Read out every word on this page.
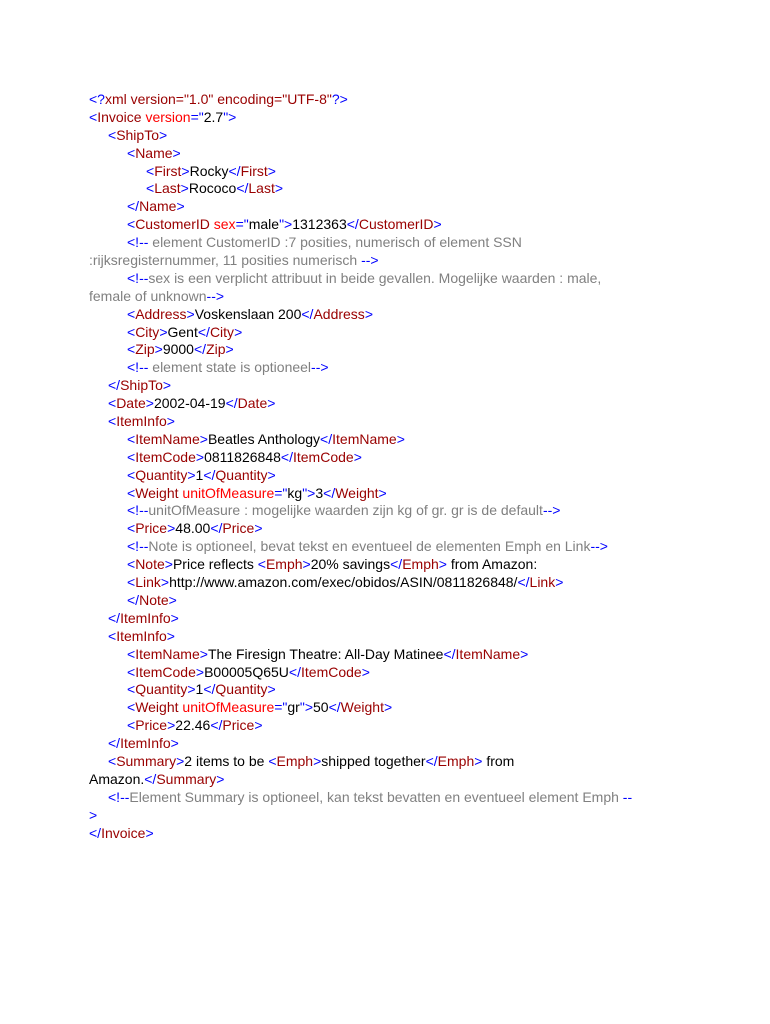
<?xml version="1.0" encoding="UTF-8"?>
<Invoice version="2.7">
<ShipTo>
<Name>
<First>Rocky</First>
<Last>Rococo</Last>
</Name>
<CustomerID sex="male">1312363</CustomerID>
<!-- element CustomerID :7 posities, numerisch of element SSN
:rijksregisternummer, 11 posities numerisch -->
<!--sex is een verplicht attribuut in beide gevallen. Mogelijke waarden : male,
female of unknown-->
<Address>Voskenslaan 200</Address>
<City>Gent</City>
<Zip>9000</Zip>
<!-- element state is optioneel-->
</ShipTo>
<Date>2002-04-19</Date>
<ItemInfo>
<ItemName>Beatles Anthology</ItemName>
<ItemCode>0811826848</ItemCode>
<Quantity>1</Quantity>
<Weight unitOfMeasure="kg">3</Weight>
<!--unitOfMeasure : mogelijke waarden zijn kg of gr. gr is de default-->
<Price>48.00</Price>
<!--Note is optioneel, bevat tekst en eventueel de elementen Emph en Link-->
<Note>Price reflects <Emph>20% savings</Emph> from Amazon:
<Link>http://www.amazon.com/exec/obidos/ASIN/0811826848/</Link>
</Note>
</ItemInfo>
<ItemInfo>
<ItemName>The Firesign Theatre: All-Day Matinee</ItemName>
<ItemCode>B00005Q65U</ItemCode>
<Quantity>1</Quantity>
<Weight unitOfMeasure="gr">50</Weight>
<Price>22.46</Price>
</ItemInfo>
<Summary>2 items to be <Emph>shipped together</Emph> from
Amazon.</Summary>
<!--Element Summary is optioneel, kan tekst bevatten en eventueel element Emph --
>
</Invoice>
